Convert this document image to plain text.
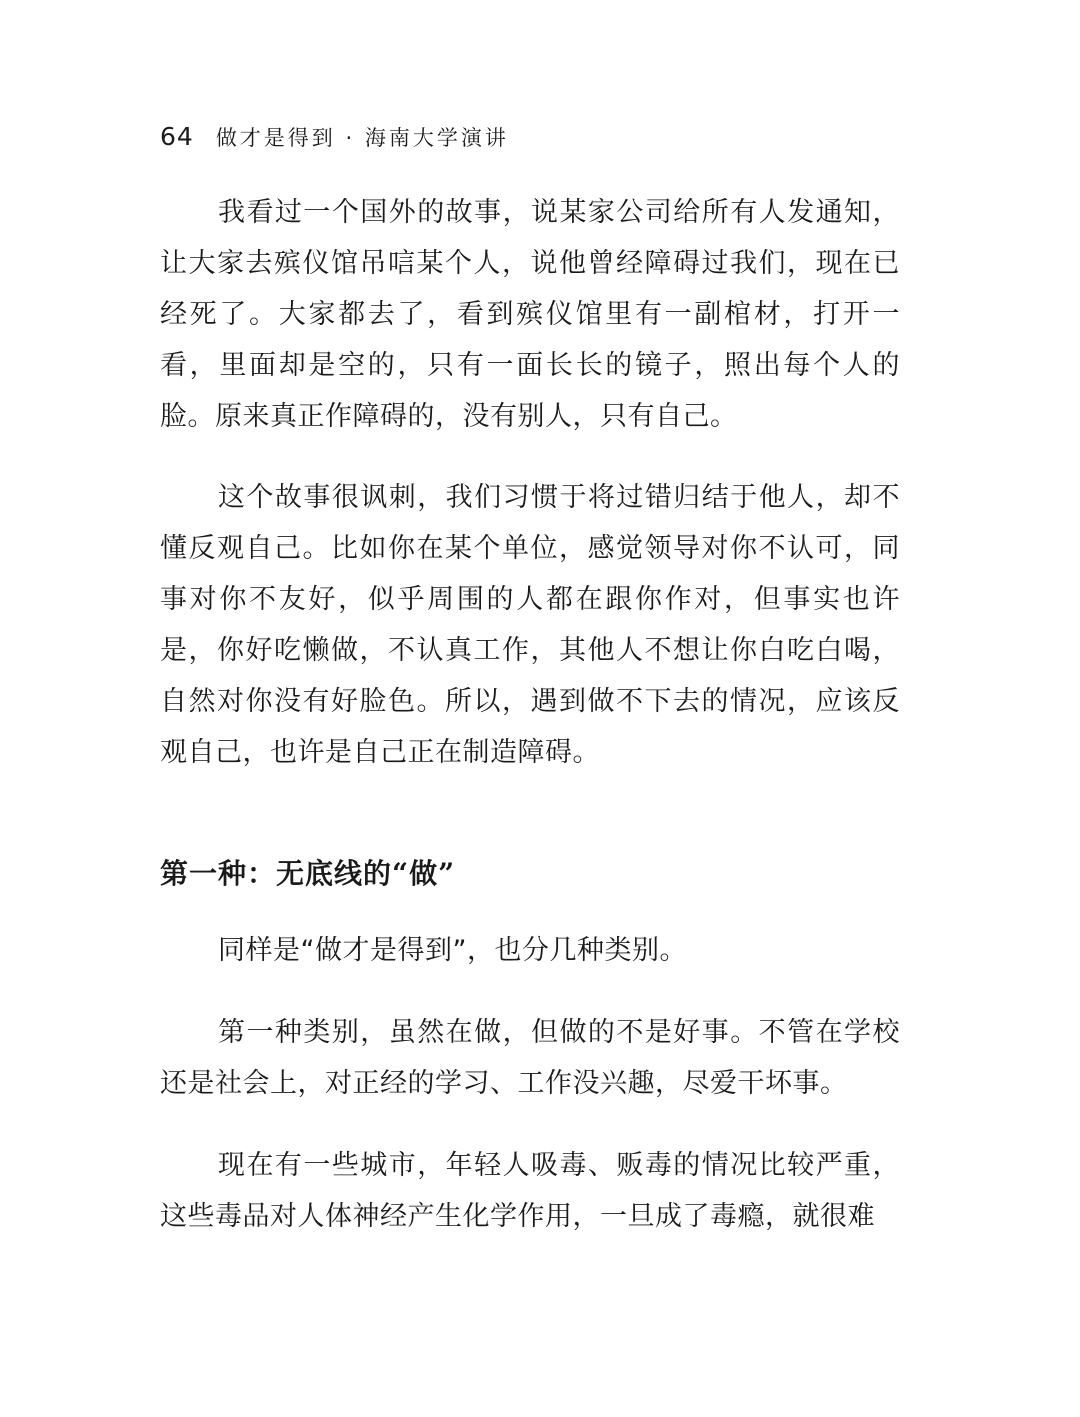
64 做才是得到 · 海南大学演讲

我看过一个国外的故事，说某家公司给所有人发通知，让大家去殡仪馆吊唁某个人，说他曾经障碍过我们，现在已经死了。大家都去了，看到殡仪馆里有一副棺材，打开一看，里面却是空的，只有一面长长的镜子，照出每个人的脸。原来真正作障碍的，没有别人，只有自己。

这个故事很讽刺，我们习惯于将过错归结于他人，却不懂反观自己。比如你在某个单位，感觉领导对你不认可，同事对你不友好，似乎周围的人都在跟你作对，但事实也许是，你好吃懒做，不认真工作，其他人不想让你白吃白喝，自然对你没有好脸色。所以，遇到做不下去的情况，应该反观自己，也许是自己正在制造障碍。

第一种：无底线的“做”

同样是“做才是得到”，也分几种类别。

第一种类别，虽然在做，但做的不是好事。不管在学校还是社会上，对正经的学习、工作没兴趣，尽爱干坏事。

现在有一些城市，年轻人吸毒、贩毒的情况比较严重，这些毒品对人体神经产生化学作用，一旦成了毒瘾，就很难
